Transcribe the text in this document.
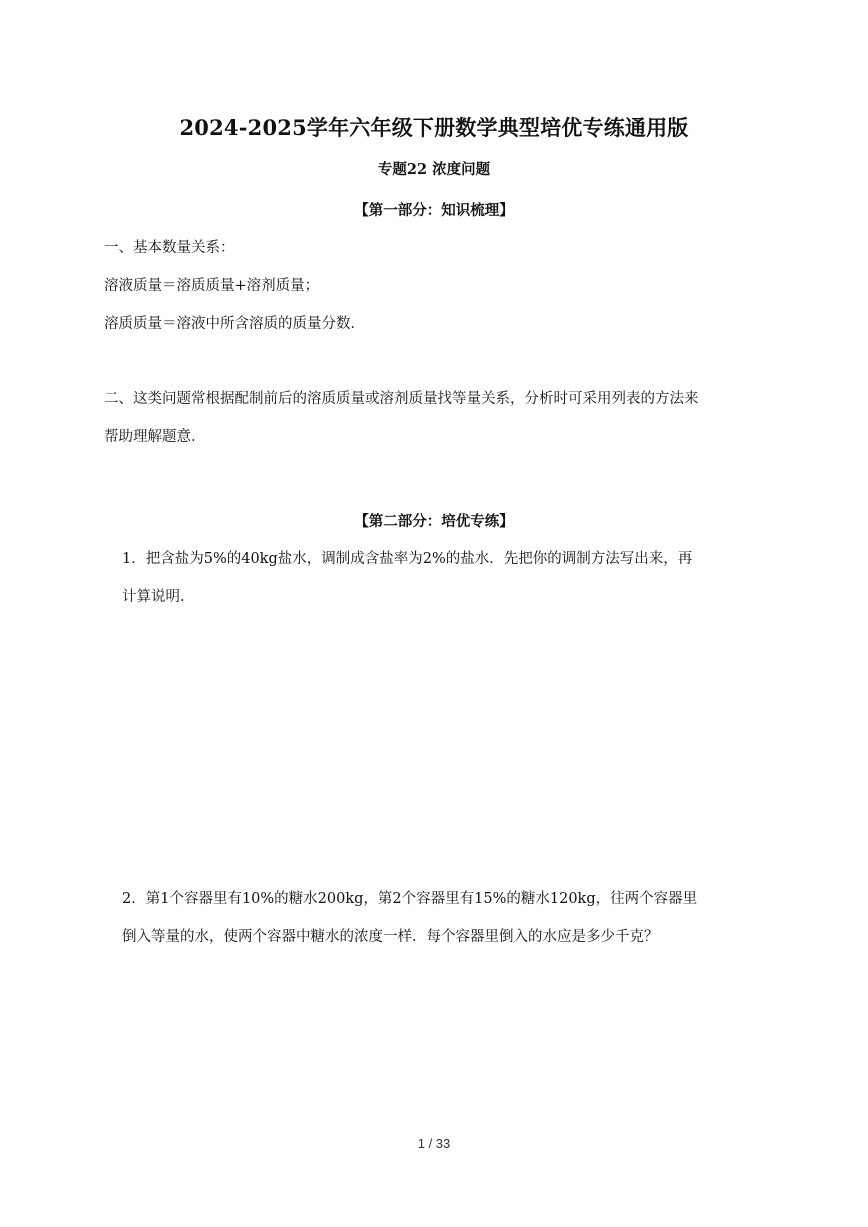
2024-2025学年六年级下册数学典型培优专练通用版
专题22 浓度问题
【第一部分：知识梳理】
一、基本数量关系：
溶液质量＝溶质质量+溶剂质量；
溶质质量＝溶液中所含溶质的质量分数．
二、这类问题常根据配制前后的溶质质量或溶剂质量找等量关系，分析时可采用列表的方法来
帮助理解题意．
【第二部分：培优专练】
1．把含盐为5%的40kg盐水，调制成含盐率为2%的盐水．先把你的调制方法写出来，再
计算说明．
2．第1个容器里有10%的糖水200kg，第2个容器里有15%的糖水120kg，往两个容器里
倒入等量的水，使两个容器中糖水的浓度一样．每个容器里倒入的水应是多少千克？
1 / 33
